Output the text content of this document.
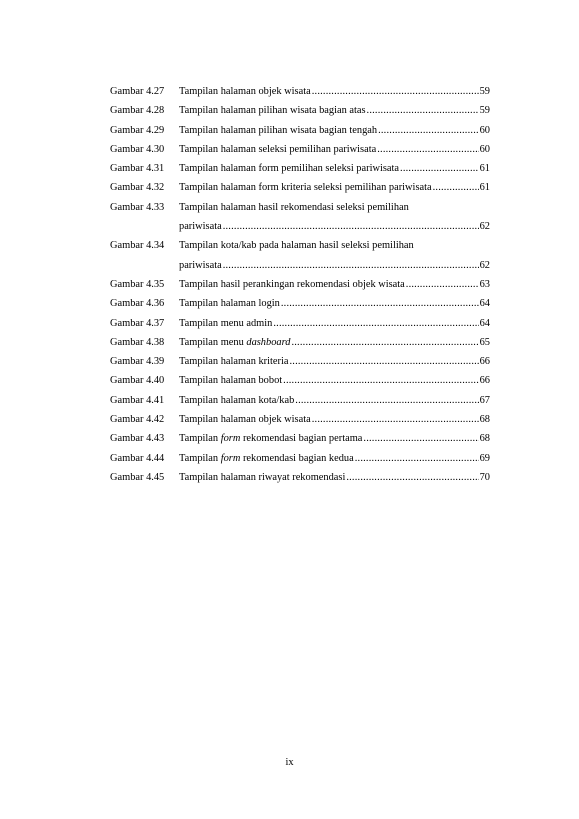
Gambar 4.27	Tampilan halaman objek wisata .....	59
Gambar 4.28	Tampilan halaman pilihan wisata bagian atas .....	59
Gambar 4.29	Tampilan halaman pilihan wisata bagian tengah .....	60
Gambar 4.30	Tampilan halaman seleksi pemilihan pariwisata .....	60
Gambar 4.31	Tampilan halaman form pemilihan seleksi pariwisata .....	61
Gambar 4.32	Tampilan halaman form kriteria seleksi pemilihan pariwisata .....	61
Gambar 4.33	Tampilan halaman hasil rekomendasi seleksi pemilihan
pariwisata .....	62
Gambar 4.34	Tampilan kota/kab pada halaman hasil seleksi pemilihan
pariwisata .....	62
Gambar 4.35	Tampilan hasil perankingan rekomendasi objek wisata .....	63
Gambar 4.36	Tampilan halaman login .....	64
Gambar 4.37	Tampilan menu admin .....	64
Gambar 4.38	Tampilan menu dashboard .....	65
Gambar 4.39	Tampilan halaman kriteria .....	66
Gambar 4.40	Tampilan halaman bobot .....	66
Gambar 4.41	Tampilan halaman kota/kab .....	67
Gambar 4.42	Tampilan halaman objek wisata .....	68
Gambar 4.43	Tampilan form rekomendasi bagian pertama .....	68
Gambar 4.44	Tampilan form rekomendasi bagian kedua .....	69
Gambar 4.45	Tampilan halaman riwayat rekomendasi .....	70
ix
